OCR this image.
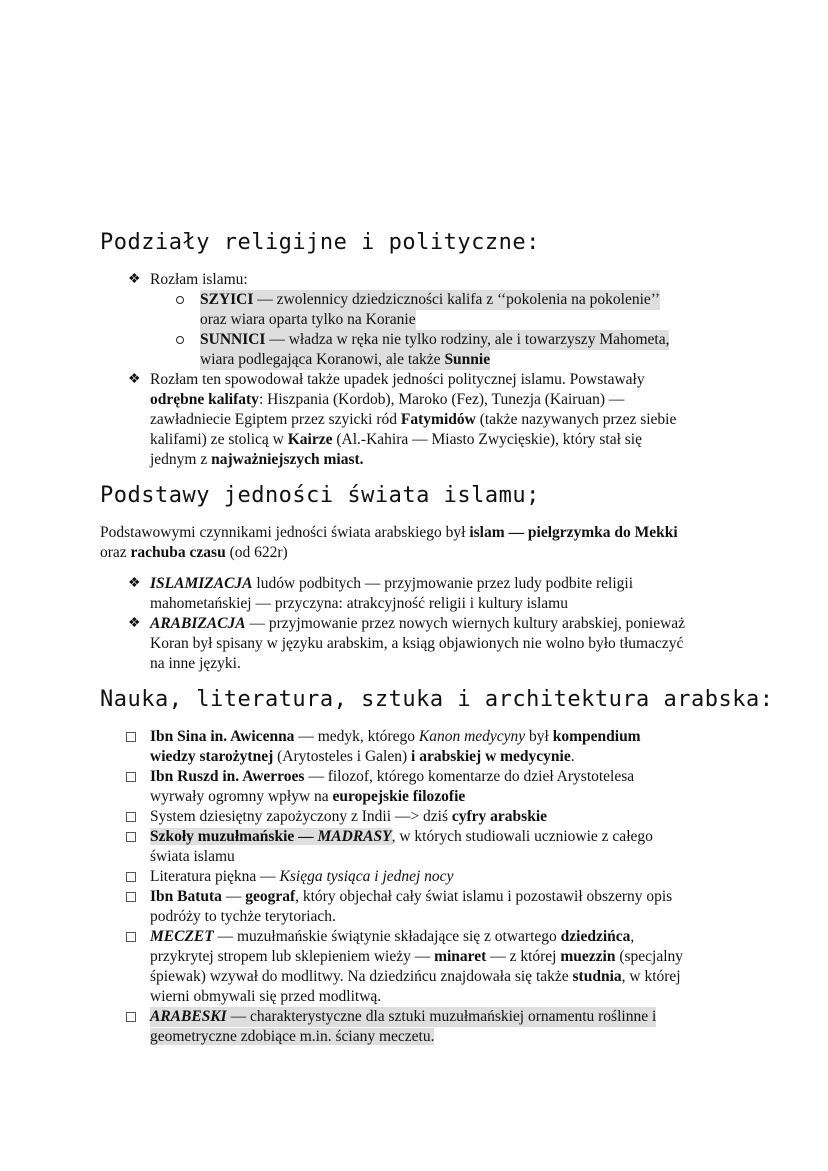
Podziały religijne i polityczne:
❖ Rozłam islamu:
SZYICI — zwolennicy dziedziczności kalifa z ‘‘pokolenia na pokolenie’’
oraz wiara oparta tylko na Koranie
SUNNICI — władza w ręka nie tylko rodziny, ale i towarzyszy Mahometa,
wiara podlegająca Koranowi, ale także Sunnie
❖ Rozłam ten spowodował także upadek jedności politycznej islamu. Powstawały
odrębne kalifaty: Hiszpania (Kordob), Maroko (Fez), Tunezja (Kairuan) —
zawładniecie Egiptem przez szyicki ród Fatymidów (także nazywanych przez siebie
kalifami) ze stolicą w Kairze (Al.-Kahira — Miasto Zwycięskie), który stał się
jednym z najważniejszych miast.
Podstawy jedności świata islamu;
Podstawowymi czynnikami jedności świata arabskiego był islam — pielgrzymka do Mekki
oraz rachuba czasu (od 622r)
❖ ISLAMIZACJA ludów podbitych — przyjmowanie przez ludy podbite religii
mahometańskiej — przyczyna: atrakcyjność religii i kultury islamu
❖ ARABIZACJA — przyjmowanie przez nowych wiernych kultury arabskiej, ponieważ
Koran był spisany w języku arabskim, a ksiąg objawionych nie wolno było tłumaczyć
na inne języki.
Nauka, literatura, sztuka i architektura arabska:
Ibn Sina in. Awicenna — medyk, którego Kanon medycyny był kompendium
wiedzy starożytnej (Arytosteles i Galen) i arabskiej w medycynie.
Ibn Ruszd in. Awerroes — filozof, którego komentarze do dzieł Arystotelesa
wyrwały ogromny wpływ na europejskie filozofie
System dziesiętny zapożyczony z Indii —> dziś cyfry arabskie
Szkoły muzułmańskie — MADRASY, w których studiowali uczniowie z całego
świata islamu
Literatura piękna — Księga tysiąca i jednej nocy
Ibn Batuta — geograf, który objechał cały świat islamu i pozostawił obszerny opis
podróży to tychże terytoriach.
MECZET — muzułmańskie świątynie składające się z otwartego dziedzińca,
przykrytej stropem lub sklepieniem wieży — minaret — z której muezzin (specjalny
śpiewak) wzywał do modlitwy. Na dziedzińcu znajdowała się także studnia, w której
wierni obmywali się przed modlitwą.
ARABESKI — charakterystyczne dla sztuki muzułmańskiej ornamentu roślinne i
geometryczne zdobiące m.in. ściany meczetu.
